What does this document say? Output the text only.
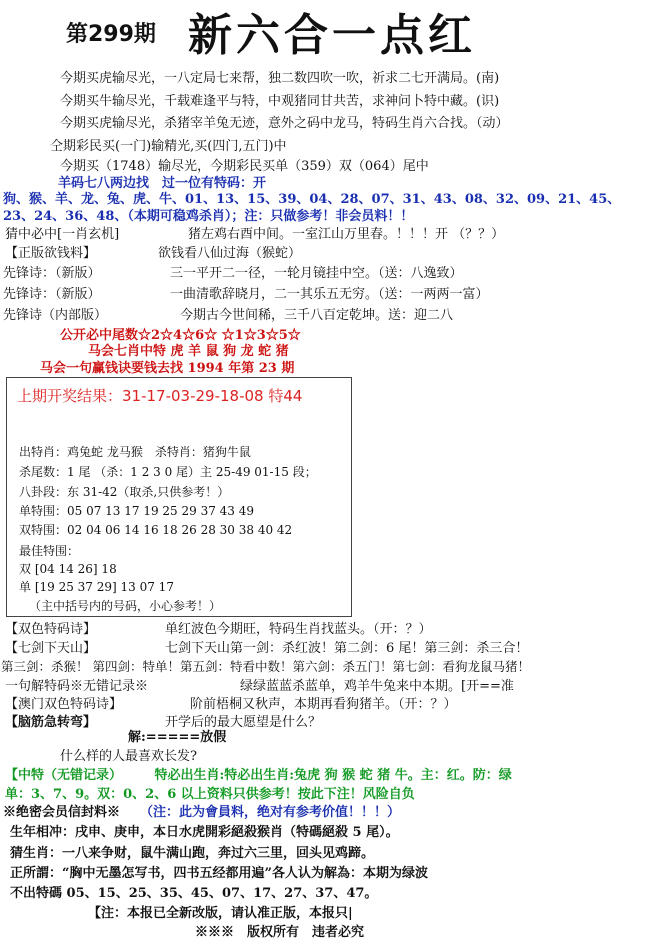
第299期 新六合一点红
今期买虎输尽光，一八定局七来帮，独二数四吹一吹，祈求二七开满局。(南)
今期买牛输尽光，千载难逢平与特，中观猪同甘共苦，求神问卜特中藏。(识)
今期买虎输尽光，杀猪宰羊兔无迹，意外之码中龙马，特码生肖六合找。（动）
仝期彩民买(一门)输精光,买(四门,五门)中
今期买（1748）输尽光，今期彩民买单（359）双（064）尾中
羊码七八两边找　过一位有特码：开
狗、猴、羊、龙、兔、虎、牛、01、13、15、39、04、28、07、31、43、08、32、09、21、45、
23、24、36、48、（本期可稳鸡杀肖）；注：只做参考！非会员料！！
猜中必中[一肖玄机]	猪左鸡右酉中间。一室江山万里春。！！！开 （？？）
【正版欲钱料】	欲钱看八仙过海（猴蛇）
先锋诗：（新版）	三一平开二一径，一轮月镜挂中空。（送：八逸致）
先锋诗：（新版）	一曲清歌辞晓月，二一其乐五无穷。（送：一两两一富）
先锋诗（内部版）	今期古今世间稀，三千八百定乾坤。送：迎二八
公开必中尾数☆2☆4☆6☆ ☆1☆3☆5☆
马会七肖中特 虎 羊 鼠 狗 龙 蛇 猪
马会一句赢钱诀要钱去找 1994 年第 23 期
上期开奖结果：31-17-03-29-18-08 特44
出特肖：鸡兔蛇 龙马猴　杀特肖：猪狗牛鼠
杀尾数：1 尾 （杀：1 2 3 0 尾）主 25-49 01-15 段；
八卦段：东 31-42（取杀,只供参考！）
单特围：05 07 13 17 19 25 29 37 43 49
双特围：02 04 06 14 16 18 26 28 30 38 40 42
最佳特围：
双 [04 14 26] 18
单 [19 25 37 29] 13 07 17
（主中括号内的号码，小心参考！）
【双色特码诗】	单红波色今期旺，特码生肖找蓝头。（开：？）
【七剑下天山】	七剑下天山第一剑：杀红波！第二剑：6 尾！第三剑：杀三合！
第三剑：杀猴！ 第四剑：特单！第五剑：特看中数！第六剑：杀五门！第七剑：看狗龙鼠马猪！
一句解特码※无错记录※	绿绿蓝蓝杀蓝单，鸡羊牛兔来中本期。[开==准
【澳门双色特码诗】	阶前梧桐又秋声，本期再看狗猪羊。（开：？）
【脑筋急转弯】	开学后的最大愿望是什么？
解:=====放假
什么样的人最喜欢长发?
【中特（无错记录）　　　特必出生肖:特必出生肖:兔虎 狗 猴 蛇 猪 牛。主：红。防：绿
单：3、7、9。双：0、2、6 以上资料只供参考！按此下注！风险自负
※绝密会员信封料※ （注：此为會員料，绝对有参考价值！！！）
生年相冲：戌申、庚申，本日水虎開彩絕殺猴肖（特碼絕殺 5 尾）。
猜生肖：一八来争财，鼠牛满山跑，奔过六三里，回头见鸡蹄。
正所謂：“胸中无墨怎写书，四书五经都用遍”各人认为解為：本期为绿波
不出特碼 05、15、25、35、45、07、17、27、37、47。
【注：本报已全新改版，请认准正版，本报只|
※※※　版权所有　违者必究
